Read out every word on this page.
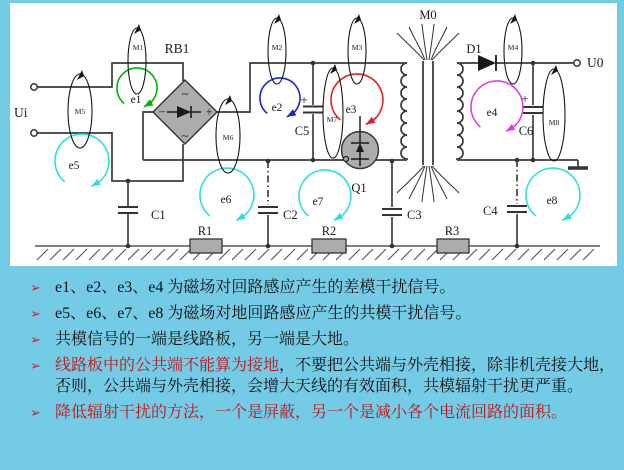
~
~
−	+
Ui
U0
RB1
M0
D1
Q1
C1	C2	C3	C4
C5	C6
+	+
R1	R2	R3
e1
e2	e3	e4
e5
e6	e7	e8
M1	M2	M3	M4
M5
M6
M7	M8
➢ e1、e2、e3、e4 为磁场对回路感应产生的差模干扰信号。
➢ e5、e6、e7、e8 为磁场对地回路感应产生的共模干扰信号。
➢ 共模信号的一端是线路板，另一端是大地。
➢ 线路板中的公共端不能算为接地，不要把公共端与外壳相接，除非机壳接大地，否则，公共端与外壳相接，会增大天线的有效面积，共模辐射干扰更严重。
➢ 降低辐射干扰的方法，一个是屏蔽，另一个是减小各个电流回路的面积。
